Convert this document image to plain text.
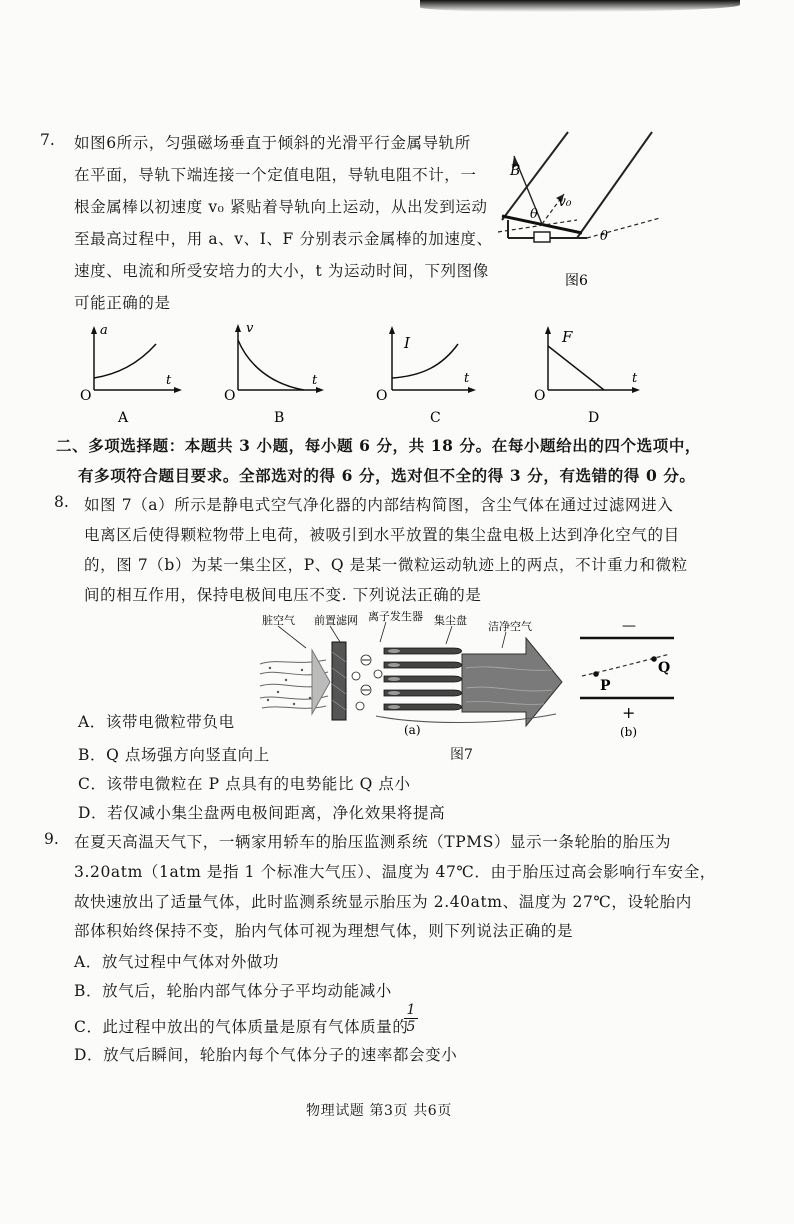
7. 如图6所示，匀强磁场垂直于倾斜的光滑平行金属导轨所
在平面，导轨下端连接一个定值电阻，导轨电阻不计，一
根金属棒以初速度 v₀ 紧贴着导轨向上运动，从出发到运动
至最高过程中，用 a、v、I、F 分别表示金属棒的加速度、
速度、电流和所受安培力的大小，t 为运动时间，下列图像
可能正确的是
B
v₀
θ
θ
图6
a
t
O
A
v
t
O
B
I
t
O
C
F
t
O
D
二、多项选择题：本题共 3 小题，每小题 6 分，共 18 分。在每小题给出的四个选项中，
有多项符合题目要求。全部选对的得 6 分，选对但不全的得 3 分，有选错的得 0 分。
8. 如图 7（a）所示是静电式空气净化器的内部结构简图，含尘气体在通过过滤网进入
电离区后使得颗粒物带上电荷，被吸引到水平放置的集尘盘电极上达到净化空气的目
的，图 7（b）为某一集尘区，P、Q 是某一微粒运动轨迹上的两点，不计重力和微粒
间的相互作用，保持电极间电压不变. 下列说法正确的是
脏空气 前置滤网 离子发生器 集尘盘 洁净空气
(a)
—
P
Q
+
(b)
图7
A．该带电微粒带负电
B．Q 点场强方向竖直向上
C．该带电微粒在 P 点具有的电势能比 Q 点小
D．若仅减小集尘盘两电极间距离，净化效果将提高
9. 在夏天高温天气下，一辆家用轿车的胎压监测系统（TPMS）显示一条轮胎的胎压为
3.20atm（1atm 是指 1 个标准大气压）、温度为 47℃．由于胎压过高会影响行车安全，
故快速放出了适量气体，此时监测系统显示胎压为 2.40atm、温度为 27℃，设轮胎内
部体积始终保持不变，胎内气体可视为理想气体，则下列说法正确的是
A．放气过程中气体对外做功
B．放气后，轮胎内部气体分子平均动能减小
C．此过程中放出的气体质量是原有气体质量的
$\frac{1}{5}$
D．放气后瞬间，轮胎内每个气体分子的速率都会变小
物理试题 第3页 共6页
